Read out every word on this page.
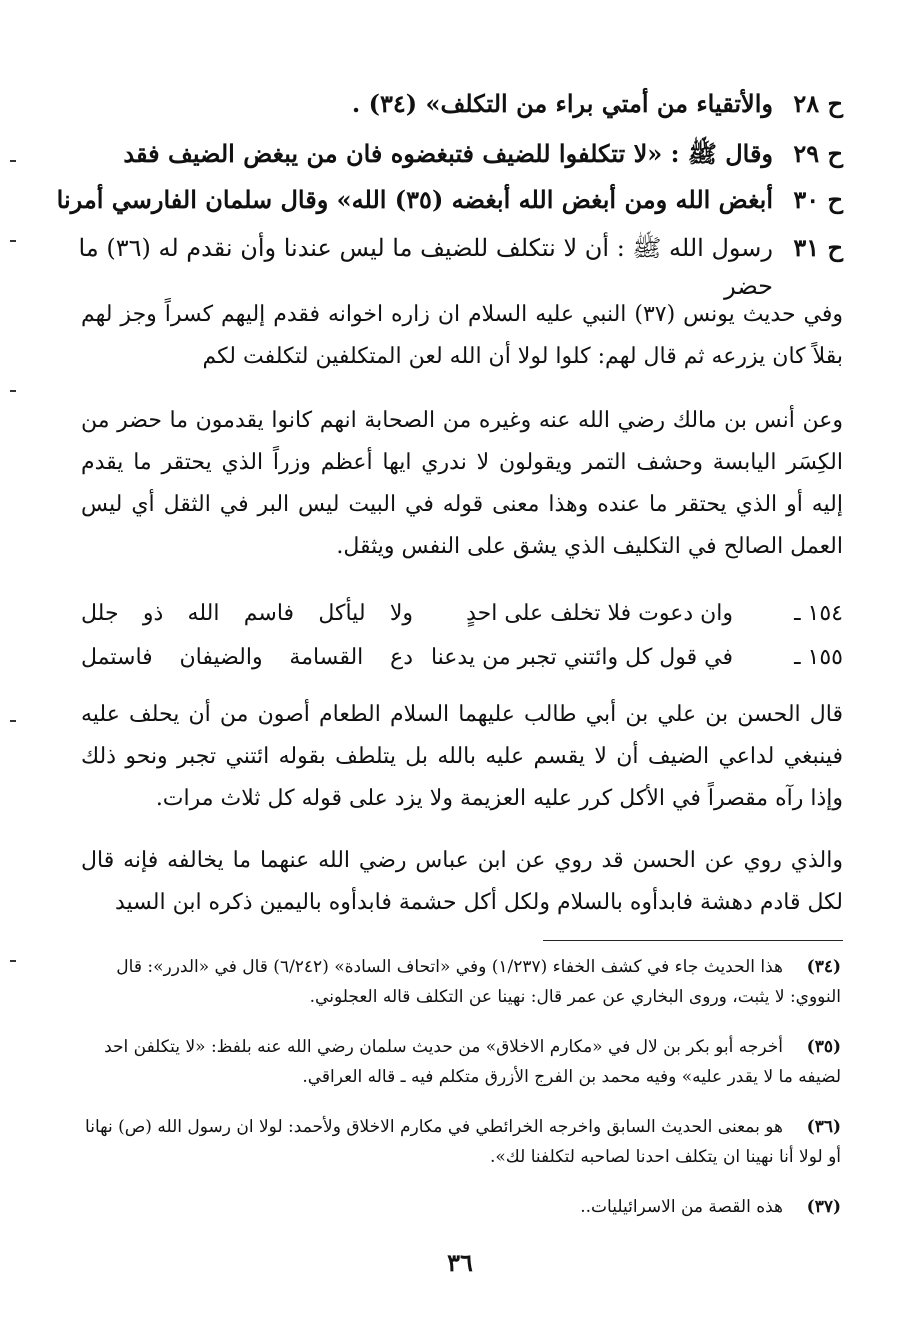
ح ٢٨والأتقياء من أمتي براء من التكلف» (٣٤) .
ح ٢٩وقال ﷺ : «لا تتكلفوا للضيف فتبغضوه فان من يبغض الضيف فقد
ح ٣٠أبغض الله ومن أبغض الله أبغضه (٣٥) الله» وقال سلمان الفارسي أمرنا
ح ٣١رسول الله ﷺ : أن لا نتكلف للضيف ما ليس عندنا وأن نقدم له (٣٦) ما
حضر

وفي حديث يونس (٣٧) النبي عليه السلام ان زاره اخوانه فقدم إليهم كسراً وجز لهم بقلاً كان يزرعه ثم قال لهم: كلوا لولا أن الله لعن المتكلفين لتكلفت لكم

وعن أنس بن مالك رضي الله عنه وغيره من الصحابة انهم كانوا يقدمون ما حضر من الكِسَر اليابسة وحشف التمر ويقولون لا ندري ايها أعظم وزراً الذي يحتقر ما يقدم إليه أو الذي يحتقر ما عنده وهذا معنى قوله في البيت ليس البر في الثقل أي ليس العمل الصالح في التكليف الذي يشق على النفس ويثقل.

١٥٤ ـ
وان دعوت فلا تخلف على احدٍ
ولا ليأكل فاسم الله ذو جلل
١٥٥ ـ
في قول كل وائتني تجبر من يدعنا
دع القسامة والضيفان فاستمل

قال الحسن بن علي بن أبي طالب عليهما السلام الطعام أصون من أن يحلف عليه فينبغي لداعي الضيف أن لا يقسم عليه بالله بل يتلطف بقوله ائتني تجبر ونحو ذلك وإذا رآه مقصراً في الأكل كرر عليه العزيمة ولا يزد على قوله كل ثلاث مرات.

والذي روي عن الحسن قد روي عن ابن عباس رضي الله عنهما ما يخالفه فإنه قال لكل قادم دهشة فابدأوه بالسلام ولكل أكل حشمة فابدأوه باليمين ذكره ابن السيد

(٣٤)هذا الحديث جاء في كشف الخفاء (١/٢٣٧) وفي «اتحاف السادة» (٦/٢٤٢) قال في «الدرر»: قال النووي: لا يثبت، وروى البخاري عن عمر قال: نهينا عن التكلف قاله العجلوني.
(٣٥)أخرجه أبو بكر بن لال في «مكارم الاخلاق» من حديث سلمان رضي الله عنه بلفظ: «لا يتكلفن احد لضيفه ما لا يقدر عليه» وفيه محمد بن الفرج الأزرق متكلم فيه ـ قاله العراقي.
(٣٦)هو بمعنى الحديث السابق واخرجه الخرائطي في مكارم الاخلاق ولأحمد: لولا ان رسول الله (ص) نهانا أو لولا أنا نهينا ان يتكلف احدنا لصاحبه لتكلفنا لك».
(٣٧)هذه القصة من الاسرائيليات..
٣٦
